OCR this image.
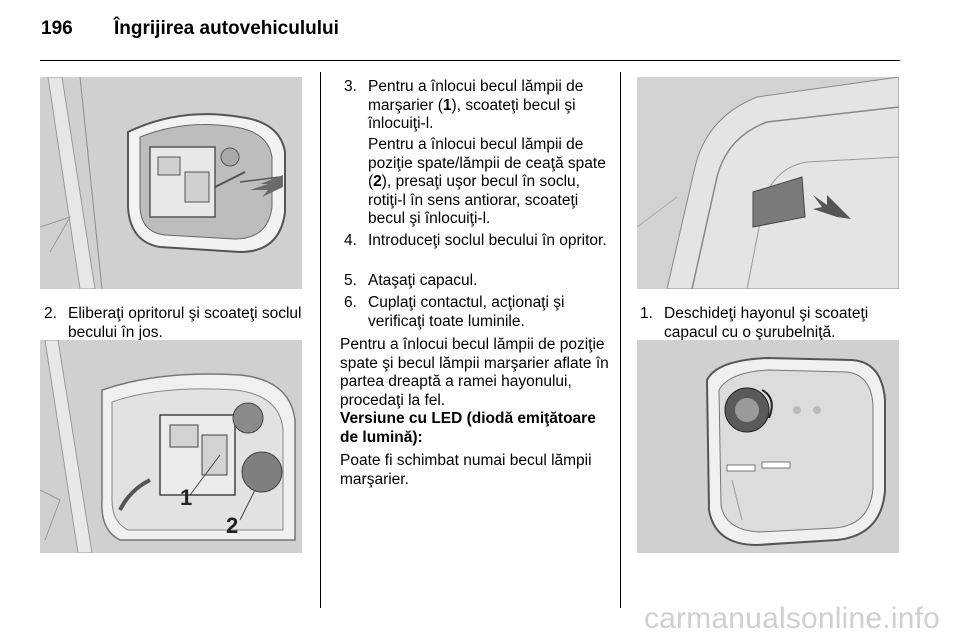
196 Îngrijirea autovehiculului
2. Eliberaţi opritorul şi scoateţi soclul becului în jos.
1
2
3. Pentru a înlocui becul lămpii de marşarier (1), scoateţi becul şi înlocuiţi-l.
Pentru a înlocui becul lămpii de poziţie spate/lămpii de ceaţă spate (2), presaţi uşor becul în soclu, rotiţi-l în sens antiorar, scoateţi becul şi înlocuiţi-l.
4. Introduceţi soclul becului în opritor.
5. Ataşaţi capacul.
6. Cuplaţi contactul, acţionaţi şi verificaţi toate luminile.
Pentru a înlocui becul lămpii de poziţie spate şi becul lămpii marşarier aflate în partea dreaptă a ramei hayonului, procedaţi la fel.
Versiune cu LED (diodă emiţătoare de lumină):
Poate fi schimbat numai becul lămpii marşarier.
1. Deschideţi hayonul şi scoateţi capacul cu o şurubelniţă.
carmanualsonline.info
